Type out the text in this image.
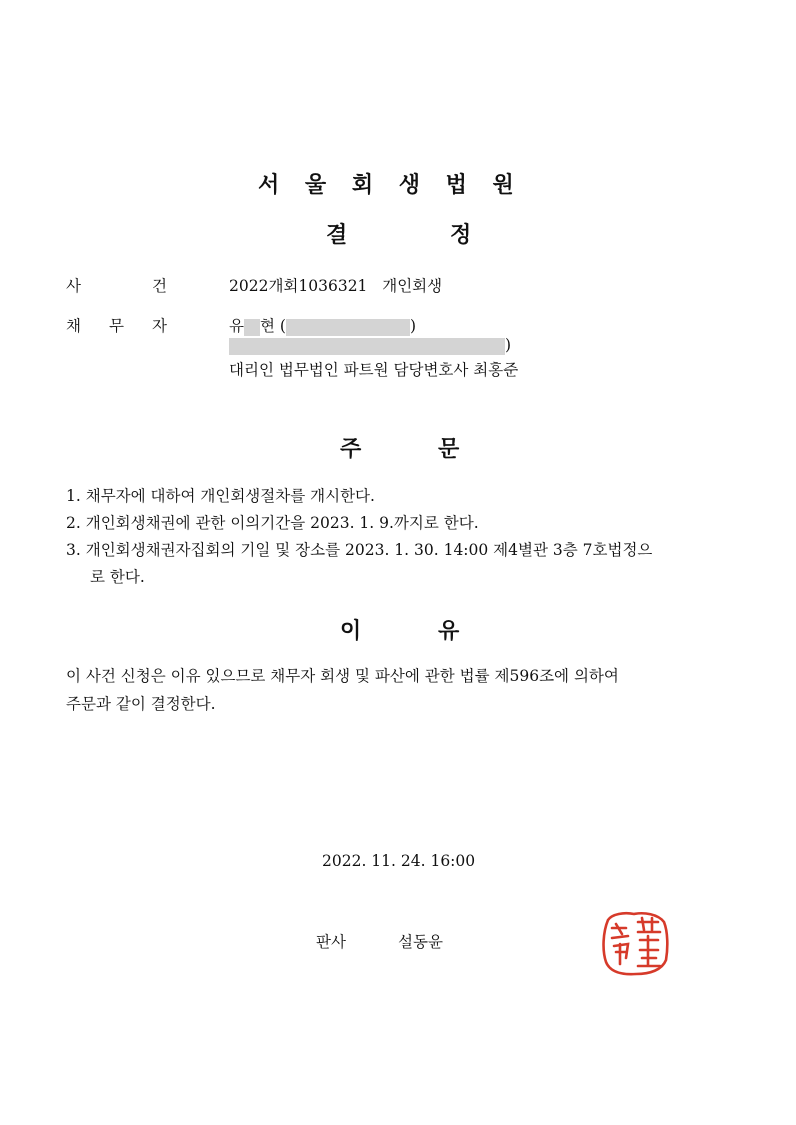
서 울 회 생 법 원
결	정
사	건	2022개회1036321 개인회생
채 무 자	유 현 (	)
)
대리인 법무법인 파트원 담당변호사 최홍준
주	문
1. 채무자에 대하여 개인회생절차를 개시한다.
2. 개인회생채권에 관한 이의기간을 2023. 1. 9.까지로 한다.
3. 개인회생채권자집회의 기일 및 장소를 2023. 1. 30. 14:00 제4별관 3층 7호법정으
로 한다.
이	유
이 사건 신청은 이유 있으므로 채무자 회생 및 파산에 관한 법률 제596조에 의하여
주문과 같이 결정한다.
2022. 11. 24. 16:00
판사	설동윤
